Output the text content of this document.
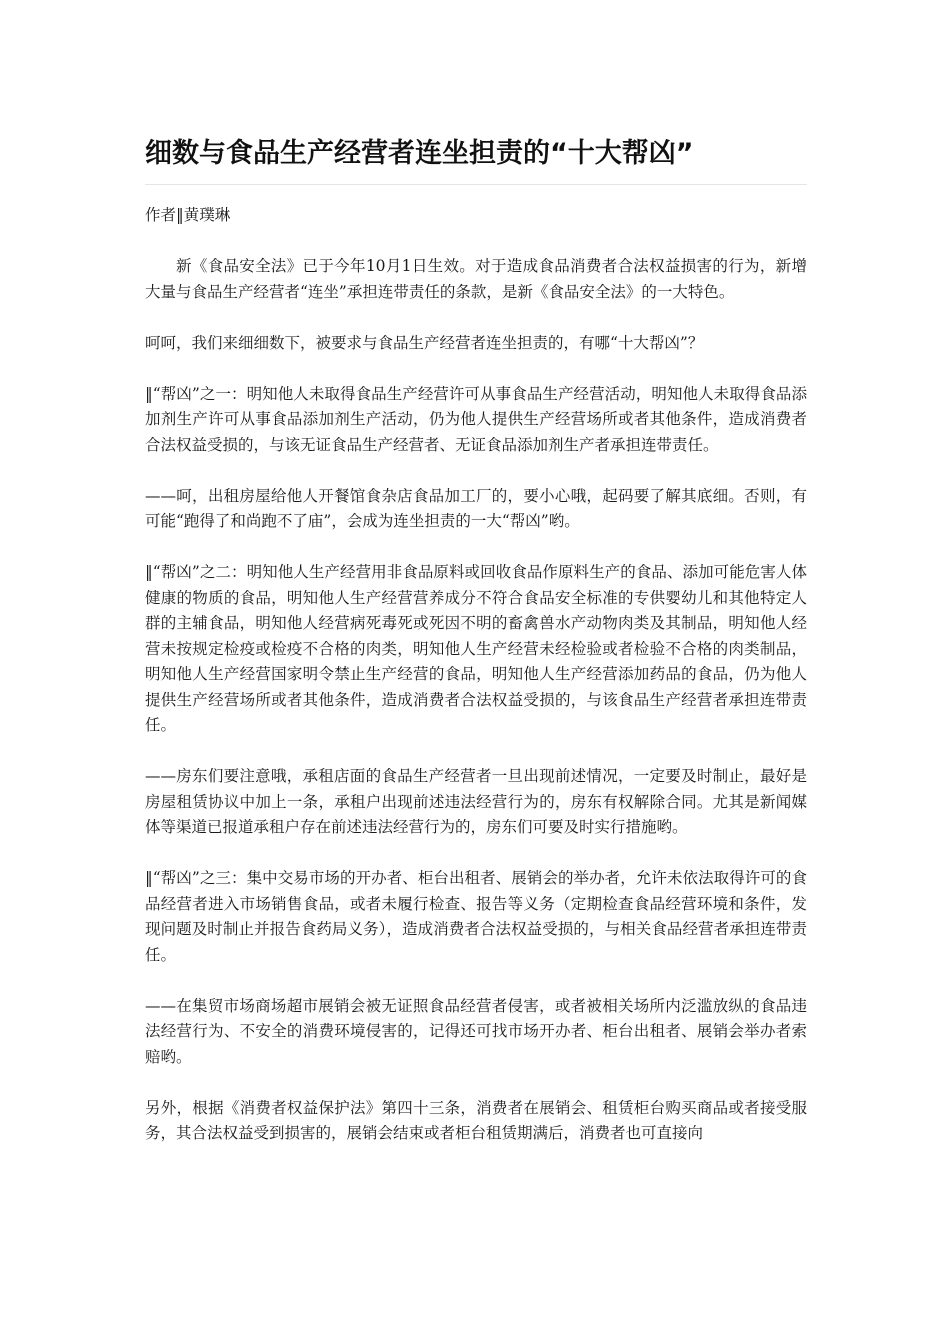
细数与食品生产经营者连坐担责的“十大帮凶”
作者‖黄璞琳

新《食品安全法》已于今年10月1日生效。对于造成食品消费者合法权益损害的行为，新增大量与食品生产经营者“连坐”承担连带责任的条款，是新《食品安全法》的一大特色。

呵呵，我们来细细数下，被要求与食品生产经营者连坐担责的，有哪“十大帮凶”？

‖“帮凶”之一：明知他人未取得食品生产经营许可从事食品生产经营活动，明知他人未取得食品添加剂生产许可从事食品添加剂生产活动，仍为他人提供生产经营场所或者其他条件，造成消费者合法权益受损的，与该无证食品生产经营者、无证食品添加剂生产者承担连带责任。

——呵，出租房屋给他人开餐馆食杂店食品加工厂的，要小心哦，起码要了解其底细。否则，有可能“跑得了和尚跑不了庙”，会成为连坐担责的一大“帮凶”哟。

‖“帮凶”之二：明知他人生产经营用非食品原料或回收食品作原料生产的食品、添加可能危害人体健康的物质的食品，明知他人生产经营营养成分不符合食品安全标准的专供婴幼儿和其他特定人群的主辅食品，明知他人经营病死毒死或死因不明的畜禽兽水产动物肉类及其制品，明知他人经营未按规定检疫或检疫不合格的肉类，明知他人生产经营未经检验或者检验不合格的肉类制品，明知他人生产经营国家明令禁止生产经营的食品，明知他人生产经营添加药品的食品，仍为他人提供生产经营场所或者其他条件，造成消费者合法权益受损的，与该食品生产经营者承担连带责任。

——房东们要注意哦，承租店面的食品生产经营者一旦出现前述情况，一定要及时制止，最好是房屋租赁协议中加上一条，承租户出现前述违法经营行为的，房东有权解除合同。尤其是新闻媒体等渠道已报道承租户存在前述违法经营行为的，房东们可要及时实行措施哟。

‖“帮凶”之三：集中交易市场的开办者、柜台出租者、展销会的举办者，允许未依法取得许可的食品经营者进入市场销售食品，或者未履行检查、报告等义务（定期检查食品经营环境和条件，发现问题及时制止并报告食药局义务），造成消费者合法权益受损的，与相关食品经营者承担连带责任。

——在集贸市场商场超市展销会被无证照食品经营者侵害，或者被相关场所内泛滥放纵的食品违法经营行为、不安全的消费环境侵害的，记得还可找市场开办者、柜台出租者、展销会举办者索赔哟。

另外，根据《消费者权益保护法》第四十三条，消费者在展销会、租赁柜台购买商品或者接受服务，其合法权益受到损害的，展销会结束或者柜台租赁期满后，消费者也可直接向
